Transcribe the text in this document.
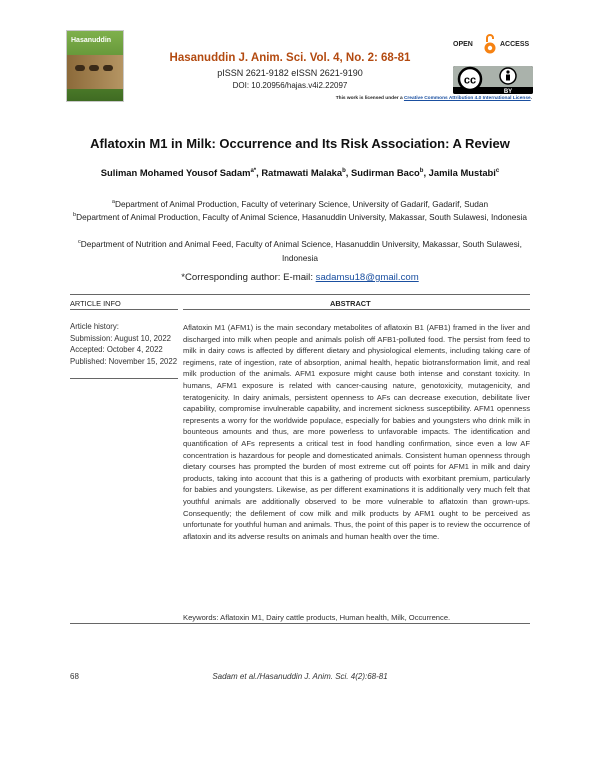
Hasanuddin
Hasanuddin J. Anim. Sci. Vol. 4, No. 2: 68-81
pISSN 2621-9182 eISSN 2621-9190
DOI: 10.20956/hajas.v4i2.22097
OPEN	ACCESS
cc
BY
This work is licensed under a Creative Commons Attribution 4.0 International License.
Aflatoxin M1 in Milk: Occurrence and Its Risk Association: A Review
Suliman Mohamed Yousof Sadam$^{a*}$, Ratmawati Malaka$^b$, Sudirman Baco$^b$, Jamila Mustabi$^c$
$^a$Department of Animal Production, Faculty of veterinary Science, University of Gadarif, Gadarif, Sudan
$^b$Department of Animal Production, Faculty of Animal Science, Hasanuddin University, Makassar, South Sulawesi, Indonesia
$^c$Department of Nutrition and Animal Feed, Faculty of Animal Science, Hasanuddin University, Makassar, South Sulawesi, Indonesia
*Corresponding author: E-mail: sadamsu18@gmail.com
ARTICLE INFO	ABSTRACT
Article history:
Submission: August 10, 2022
Accepted: October 4, 2022
Published: November 15, 2022
Aflatoxin M1 (AFM1) is the main secondary metabolites of aflatoxin B1 (AFB1) framed in the liver and discharged into milk when people and animals polish off AFB1-polluted food. The persist from feed to milk in dairy cows is affected by different dietary and physiological elements, including taking care of regimens, rate of ingestion, rate of absorption, animal health, hepatic biotransformation limit, and real milk production of the animals. AFM1 exposure might cause both intense and constant toxicity. In humans, AFM1 exposure is related with cancer-causing nature, genotoxicity, mutagenicity, and teratogenicity. In dairy animals, persistent openness to AFs can decrease execution, debilitate liver capability, compromise invulnerable capability, and increment sickness susceptibility. AFM1 openness represents a worry for the worldwide populace, especially for babies and youngsters who drink milk in bounteous amounts and thus, are more powerless to unfavorable impacts. The identification and quantification of AFs represents a critical test in food handling confirmation, since even a low AF concentration is hazardous for people and domesticated animals. Consistent human openness through dietary courses has prompted the burden of most extreme cut off points for AFM1 in milk and dairy products, taking into account that this is a gathering of products with exorbitant premium, particularly for babies and youngsters. Likewise, as per different examinations it is additionally very much felt that youthful animals are additionally observed to be more vulnerable to aflatoxin than grown-ups. Consequently; the defilement of cow milk and milk products by AFM1 ought to be perceived as unfortunate for youthful human and animals. Thus, the point of this paper is to review the occurrence of aflatoxin and its adverse results on animals and human health over the time.
Keywords: Aflatoxin M1, Dairy cattle products, Human health, Milk, Occurrence.
68	Sadam et al./Hasanuddin J. Anim. Sci. 4(2):68-81
